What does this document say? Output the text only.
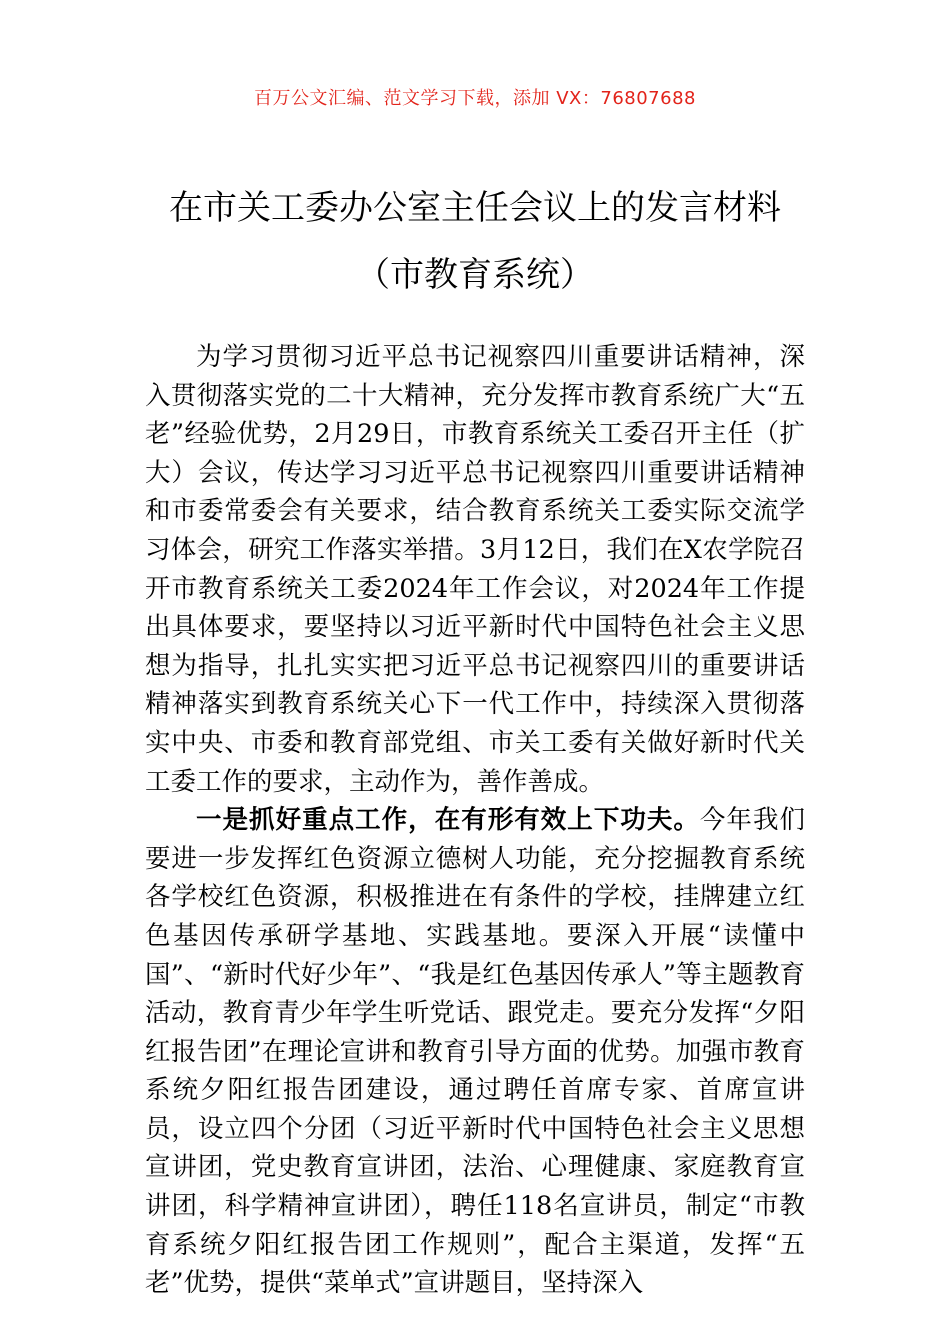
百万公文汇编、范文学习下载，添加 VX：76807688
在市关工委办公室主任会议上的发言材料
（市教育系统）

为学习贯彻习近平总书记视察四川重要讲话精神，深入贯彻落实党的二十大精神，充分发挥市教育系统广大“五老”经验优势，2月29日，市教育系统关工委召开主任（扩大）会议，传达学习习近平总书记视察四川重要讲话精神和市委常委会有关要求，结合教育系统关工委实际交流学习体会，研究工作落实举措。3月12日，我们在X农学院召开市教育系统关工委2024年工作会议，对2024年工作提出具体要求，要坚持以习近平新时代中国特色社会主义思想为指导，扎扎实实把习近平总书记视察四川的重要讲话精神落实到教育系统关心下一代工作中，持续深入贯彻落实中央、市委和教育部党组、市关工委有关做好新时代关工委工作的要求，主动作为，善作善成。

一是抓好重点工作，在有形有效上下功夫。今年我们要进一步发挥红色资源立德树人功能，充分挖掘教育系统各学校红色资源，积极推进在有条件的学校，挂牌建立红色基因传承研学基地、实践基地。要深入开展“读懂中国”、“新时代好少年”、“我是红色基因传承人”等主题教育活动，教育青少年学生听党话、跟党走。要充分发挥“夕阳红报告团”在理论宣讲和教育引导方面的优势。加强市教育系统夕阳红报告团建设，通过聘任首席专家、首席宣讲员，设立四个分团（习近平新时代中国特色社会主义思想宣讲团，党史教育宣讲团，法治、心理健康、家庭教育宣讲团，科学精神宣讲团），聘任118名宣讲员，制定“市教育系统夕阳红报告团工作规则”，配合主渠道，发挥“五老”优势，提供“菜单式”宣讲题目，坚持深入
